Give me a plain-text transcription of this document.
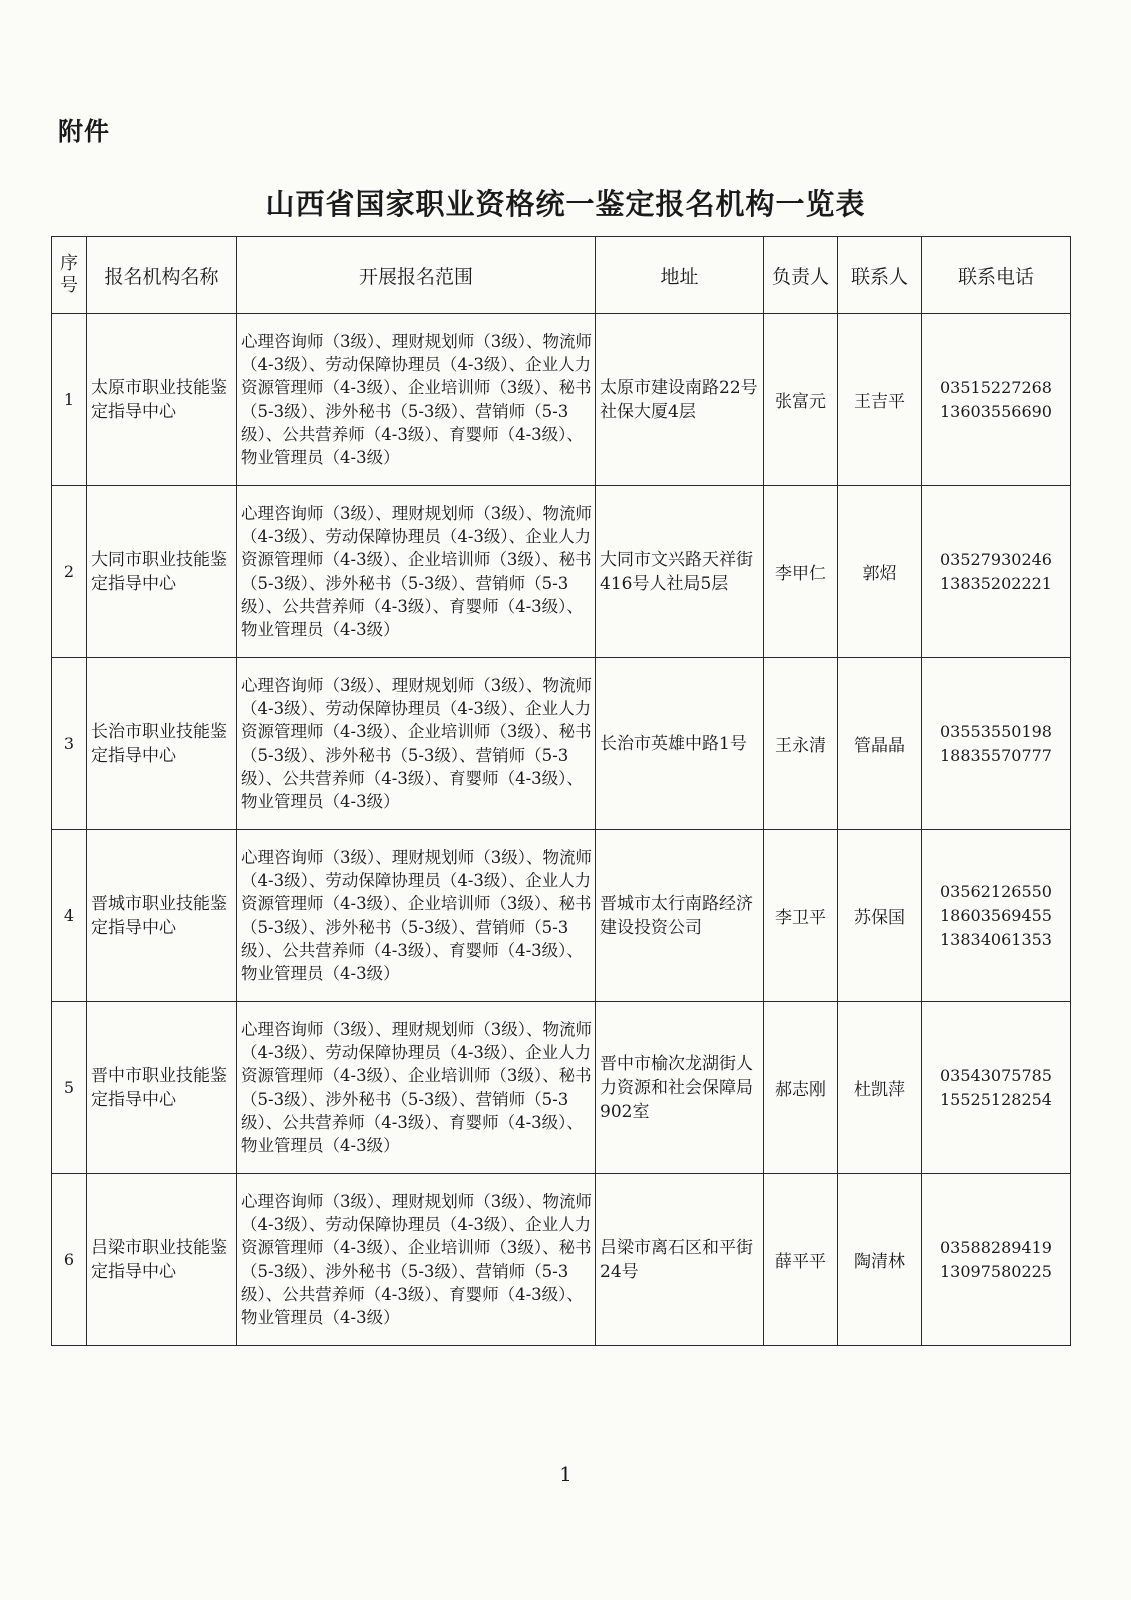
附件
山西省国家职业资格统一鉴定报名机构一览表
序号	报名机构名称	开展报名范围	地址	负责人	联系人	联系电话
1	太原市职业技能鉴定指导中心	心理咨询师（3级）、理财规划师（3级）、物流师（4-3级）、劳动保障协理员（4-3级）、企业人力资源管理师（4-3级）、企业培训师（3级）、秘书（5-3级）、涉外秘书（5-3级）、营销师（5-3级）、公共营养师（4-3级）、育婴师（4-3级）、物业管理员（4-3级）	太原市建设南路22号社保大厦4层	张富元	王吉平	03515227268
13603556690

2	大同市职业技能鉴定指导中心	心理咨询师（3级）、理财规划师（3级）、物流师（4-3级）、劳动保障协理员（4-3级）、企业人力资源管理师（4-3级）、企业培训师（3级）、秘书（5-3级）、涉外秘书（5-3级）、营销师（5-3级）、公共营养师（4-3级）、育婴师（4-3级）、物业管理员（4-3级）	大同市文兴路天祥街416号人社局5层	李甲仁	郭炤	03527930246
13835202221

3	长治市职业技能鉴定指导中心	心理咨询师（3级）、理财规划师（3级）、物流师（4-3级）、劳动保障协理员（4-3级）、企业人力资源管理师（4-3级）、企业培训师（3级）、秘书（5-3级）、涉外秘书（5-3级）、营销师（5-3级）、公共营养师（4-3级）、育婴师（4-3级）、物业管理员（4-3级）	长治市英雄中路1号	王永清	管晶晶	03553550198
18835570777

4	晋城市职业技能鉴定指导中心	心理咨询师（3级）、理财规划师（3级）、物流师（4-3级）、劳动保障协理员（4-3级）、企业人力资源管理师（4-3级）、企业培训师（3级）、秘书（5-3级）、涉外秘书（5-3级）、营销师（5-3级）、公共营养师（4-3级）、育婴师（4-3级）、物业管理员（4-3级）	晋城市太行南路经济建设投资公司	李卫平	苏保国	03562126550
18603569455
13834061353

5	晋中市职业技能鉴定指导中心	心理咨询师（3级）、理财规划师（3级）、物流师（4-3级）、劳动保障协理员（4-3级）、企业人力资源管理师（4-3级）、企业培训师（3级）、秘书（5-3级）、涉外秘书（5-3级）、营销师（5-3级）、公共营养师（4-3级）、育婴师（4-3级）、物业管理员（4-3级）	晋中市榆次龙湖街人力资源和社会保障局902室	郝志刚	杜凯萍	03543075785
15525128254

6	吕梁市职业技能鉴定指导中心	心理咨询师（3级）、理财规划师（3级）、物流师（4-3级）、劳动保障协理员（4-3级）、企业人力资源管理师（4-3级）、企业培训师（3级）、秘书（5-3级）、涉外秘书（5-3级）、营销师（5-3级）、公共营养师（4-3级）、育婴师（4-3级）、物业管理员（4-3级）	吕梁市离石区和平街24号	薛平平	陶清林	03588289419
13097580225
1
